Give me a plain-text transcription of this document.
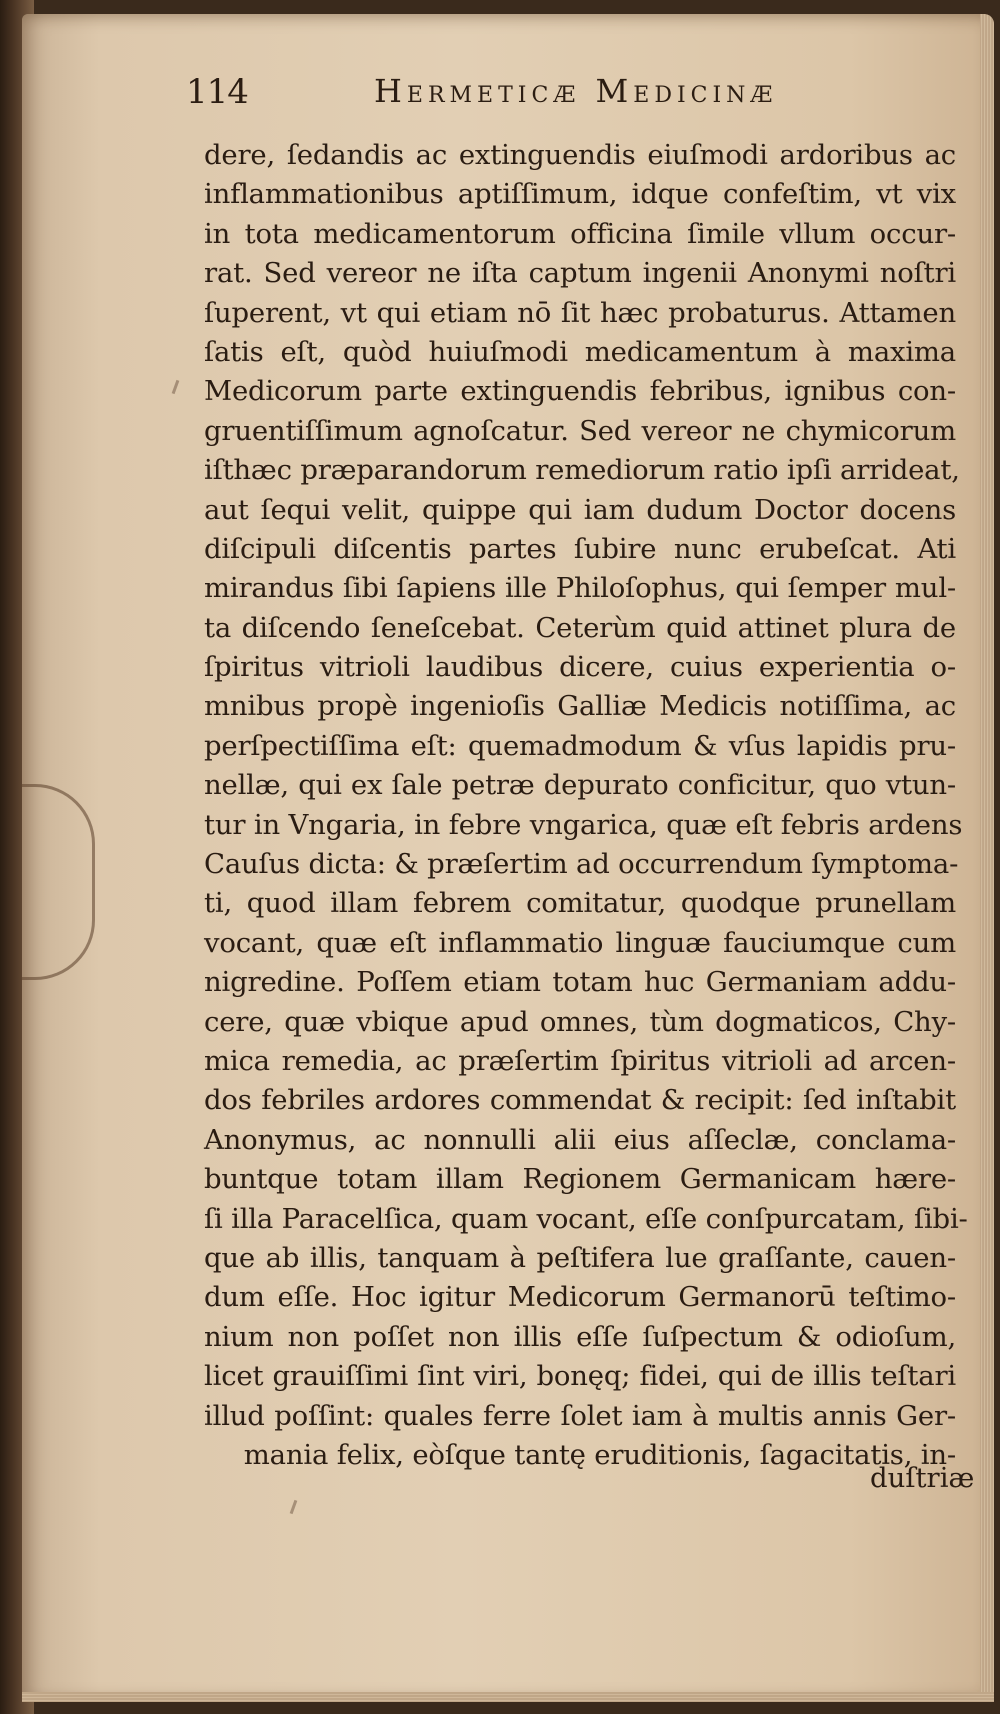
114	Hermeticæ Medicinæ
dere, ſedandis ac extinguendis eiuſmodi ardoribus ac
inflammationibus aptiſſimum, idque confeſtim, vt vix
in tota medicamentorum officina ſimile vllum occur-
rat. Sed vereor ne iſta captum ingenii Anonymi noſtri
ſuperent, vt qui etiam nō ſit hæc probaturus. Attamen
ſatis eſt, quòd huiuſmodi medicamentum à maxima
Medicorum parte extinguendis febribus, ignibus con-
gruentiſſimum agnoſcatur. Sed vereor ne chymicorum
iſthæc præparandorum remediorum ratio ipſi arrideat,
aut ſequi velit, quippe qui iam dudum Doctor docens
diſcipuli diſcentis partes ſubire nunc erubeſcat. Ati
mirandus ſibi ſapiens ille Philoſophus, qui ſemper mul-
ta diſcendo ſeneſcebat. Ceterùm quid attinet plura de
ſpiritus vitrioli laudibus dicere, cuius experientia o-
mnibus propè ingenioſis Galliæ Medicis notiſſima, ac
perſpectiſſima eſt: quemadmodum & vſus lapidis pru-
nellæ, qui ex ſale petræ depurato conficitur, quo vtun-
tur in Vngaria, in febre vngarica, quæ eſt febris ardens
Cauſus dicta: & præſertim ad occurrendum ſymptoma-
ti, quod illam febrem comitatur, quodque prunellam
vocant, quæ eſt inflammatio linguæ fauciumque cum
nigredine. Poſſem etiam totam huc Germaniam addu-
cere, quæ vbique apud omnes, tùm dogmaticos, Chy-
mica remedia, ac præſertim ſpiritus vitrioli ad arcen-
dos febriles ardores commendat & recipit: ſed inſtabit
Anonymus, ac nonnulli alii eius aſſeclæ, conclama-
buntque totam illam Regionem Germanicam hære-
ſi illa Paracelſica, quam vocant, eſſe conſpurcatam, ſibi-
que ab illis, tanquam à peſtifera lue graſſante, cauen-
dum eſſe. Hoc igitur Medicorum Germanorū teſtimo-
nium non poſſet non illis eſſe ſuſpectum & odioſum,
licet grauiſſimi ſint viri, bonęq; fidei, qui de illis teſtari
illud poſſint: quales ferre ſolet iam à multis annis Ger-
mania felix, eòſque tantę eruditionis, ſagacitatis, in-
duſtriæ
